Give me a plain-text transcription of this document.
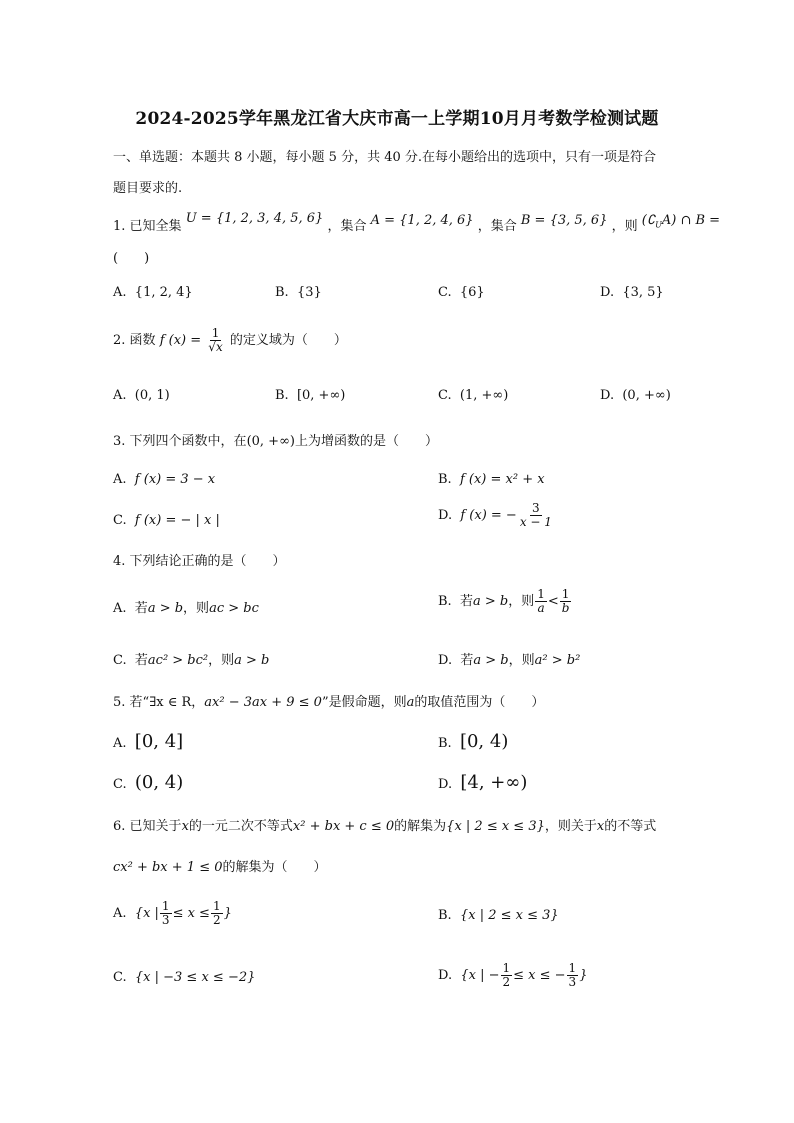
2024-2025学年黑龙江省大庆市高一上学期10月月考数学检测试题
一、单选题：本题共 8 小题，每小题 5 分，共 40 分.在每小题给出的选项中，只有一项是符合
题目要求的.
1. 已知全集 U = {1, 2, 3, 4, 5, 6} ，集合 A = {1, 2, 4, 6} ，集合 B = {3, 5, 6} ，则 $(∁_UA)$ ∩ B =
(　　)
A. {1, 2, 4}	B. {3}	C. {6}	D. {3, 5}
2. 函数 f $(x) = \frac{1}{√x}$ 的定义域为（　　）
A. (0, 1)	B. [0, +∞)	C. (1, +∞)	D. (0, +∞)
3. 下列四个函数中，在(0, +∞)上为增函数的是（　　）
A. f (x) = 3 − x	B. f (x) = x² + x
C. f (x) = − | x |	D. f (x) = − $\frac{3}{x - 1}$
4. 下列结论正确的是（　　）
A. 若a > b，则ac > bc	B. 若a > b，则 $\frac{1}{a} < \frac{1}{b}$
C. 若ac² > bc²，则a > b	D. 若a > b，则a² > b²
5. 若“∃x ∈ R，ax² − 3ax + 9 ≤ 0”是假命题，则a的取值范围为（　　）
A. [0, 4]	B. [0, 4)
C. (0, 4)	D. [4, +∞)
6. 已知关于x的一元二次不等式x² + bx + c ≤ 0的解集为{x | 2 ≤ x ≤ 3}，则关于x的不等式
cx² + bx + 1 ≤ 0的解集为（　　）
A. {x | $\frac{1}{3} \le x \le \frac{1}{2}$ }	B. {x | 2 ≤ x ≤ 3}
C. {x | −3 ≤ x ≤ −2}	D. {x | − $\frac{1}{2} \le x$ ≤ − $\frac{1}{3}$ }
